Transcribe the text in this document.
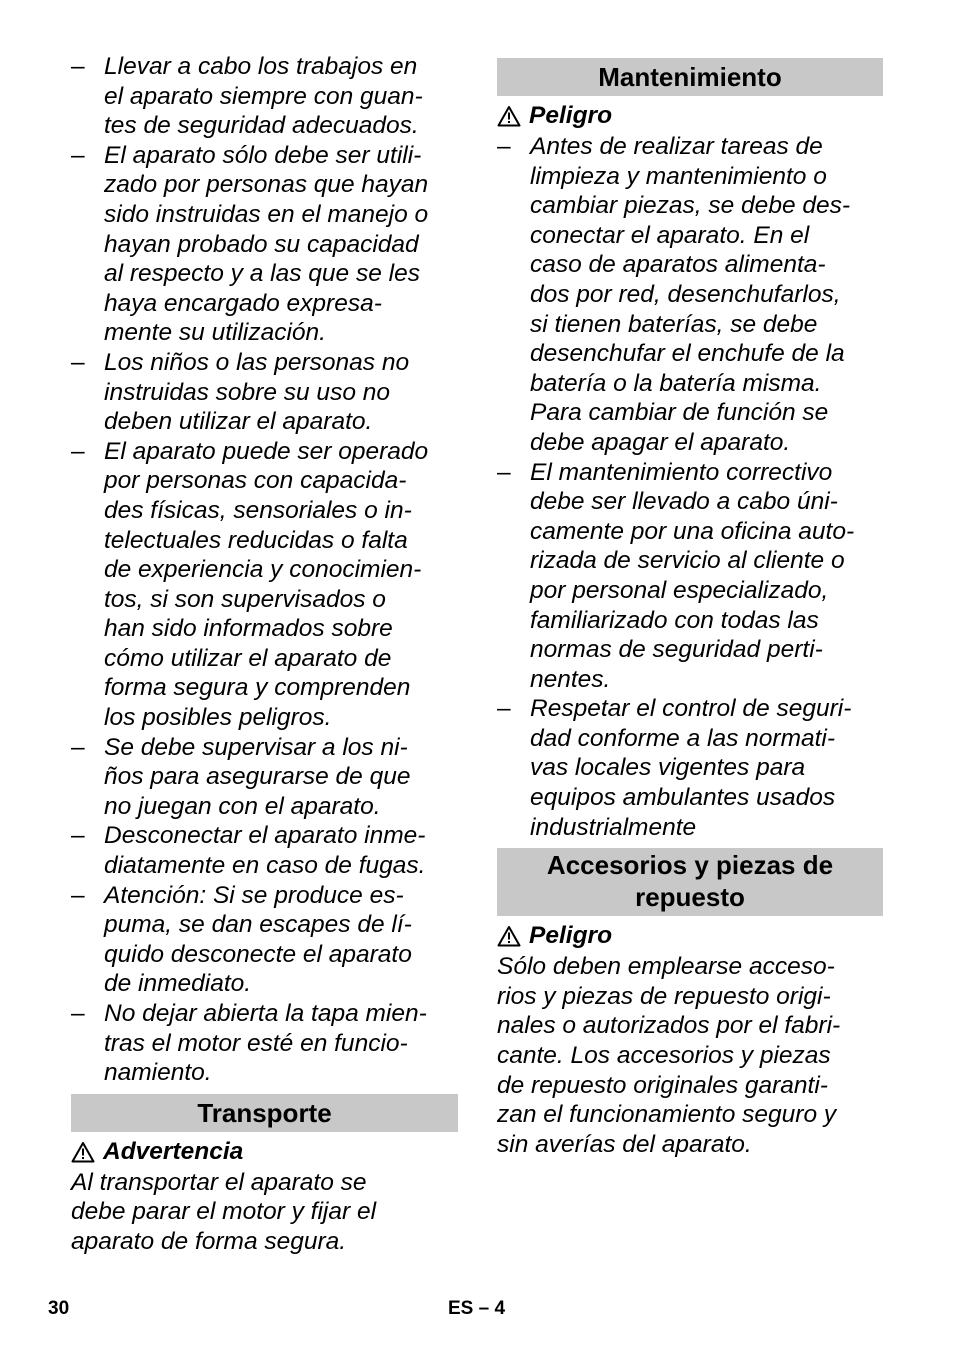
– Llevar a cabo los trabajos en
el aparato siempre con guan-
tes de seguridad adecuados.
– El aparato sólo debe ser utili-
zado por personas que hayan
sido instruidas en el manejo o
hayan probado su capacidad
al respecto y a las que se les
haya encargado expresa-
mente su utilización.
– Los niños o las personas no
instruidas sobre su uso no
deben utilizar el aparato.
– El aparato puede ser operado
por personas con capacida-
des físicas, sensoriales o in-
telectuales reducidas o falta
de experiencia y conocimien-
tos, si son supervisados o
han sido informados sobre
cómo utilizar el aparato de
forma segura y comprenden
los posibles peligros.
– Se debe supervisar a los ni-
ños para asegurarse de que
no juegan con el aparato.
– Desconectar el aparato inme-
diatamente en caso de fugas.
– Atención: Si se produce es-
puma, se dan escapes de lí-
quido desconecte el aparato
de inmediato.
– No dejar abierta la tapa mien-
tras el motor esté en funcio-
namiento.
Transporte
Advertencia
Al transportar el aparato se
debe parar el motor y fijar el
aparato de forma segura.
Mantenimiento
Peligro
– Antes de realizar tareas de
limpieza y mantenimiento o
cambiar piezas, se debe des-
conectar el aparato. En el
caso de aparatos alimenta-
dos por red, desenchufarlos,
si tienen baterías, se debe
desenchufar el enchufe de la
batería o la batería misma.
Para cambiar de función se
debe apagar el aparato.
– El mantenimiento correctivo
debe ser llevado a cabo úni-
camente por una oficina auto-
rizada de servicio al cliente o
por personal especializado,
familiarizado con todas las
normas de seguridad perti-
nentes.
– Respetar el control de seguri-
dad conforme a las normati-
vas locales vigentes para
equipos ambulantes usados
industrialmente
Accesorios y piezas de
repuesto
Peligro
Sólo deben emplearse acceso-
rios y piezas de repuesto origi-
nales o autorizados por el fabri-
cante. Los accesorios y piezas
de repuesto originales garanti-
zan el funcionamiento seguro y
sin averías del aparato.
30	ES – 4
